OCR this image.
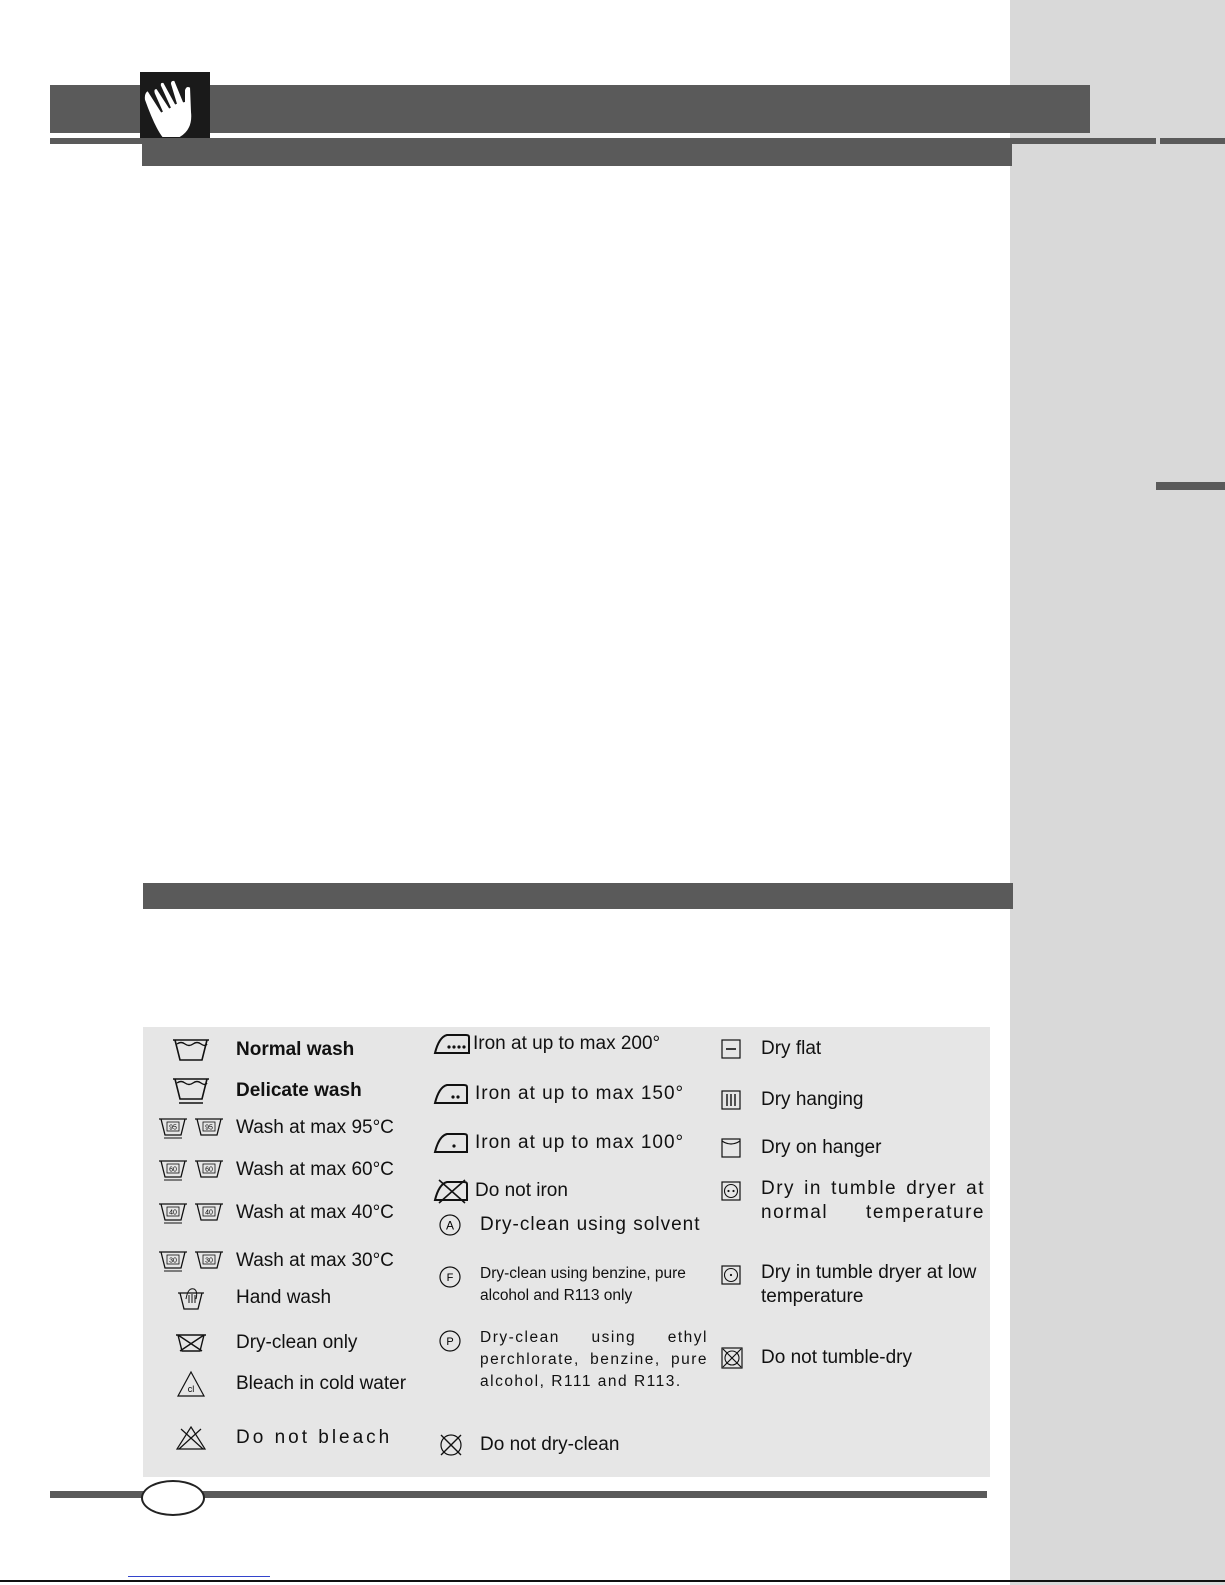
Normal wash
Delicate wash
95	95 Wash at max 95°C
60	60 Wash at max 60°C
40	40 Wash at max 40°C
30	30 Wash at max 30°C
Hand wash
Dry-clean only
cl Bleach in cold water
Do not bleach
Iron at up to max 200°
Iron at up to max 150°
Iron at up to max 100°
Do not iron
A Dry-clean using solvent
F Dry-clean using benzine, pure alcohol and R113 only
P Dry-clean using ethyl perchlorate, benzine, pure alcohol, R111 and R113.
Do not dry-clean
Dry flat
Dry hanging
Dry on hanger
Dry in tumble dryer at normal temperature
Dry in tumble dryer at low temperature
Do not tumble-dry
